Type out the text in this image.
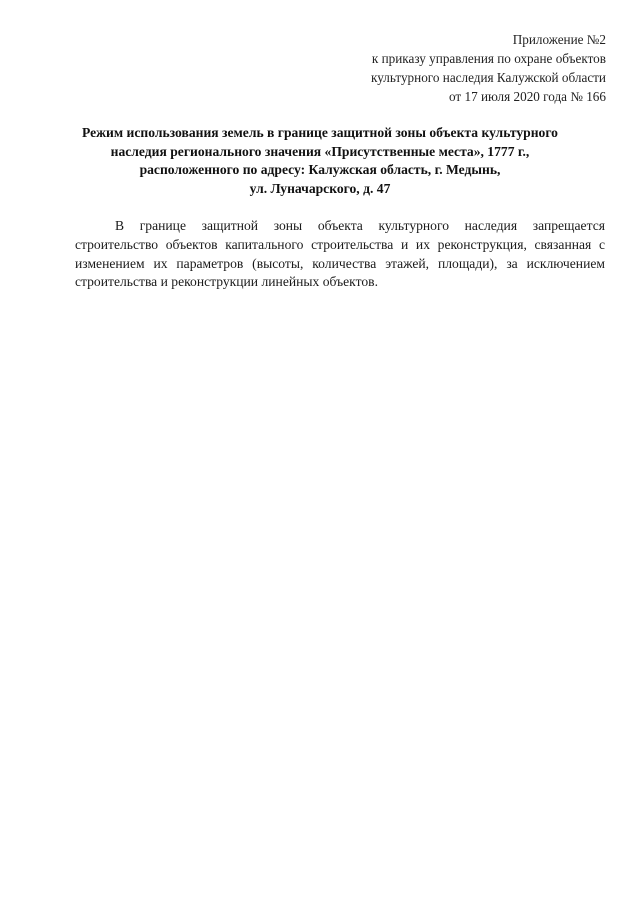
Приложение №2
к приказу управления по охране объектов
культурного наследия Калужской области
от 17 июля 2020 года № 166
Режим использования земель в границе защитной зоны объекта культурного
наследия регионального значения «Присутственные места», 1777 г.,
расположенного по адресу: Калужская область, г. Медынь,
ул. Луначарского, д. 47
В границе защитной зоны объекта культурного наследия запрещается
строительство объектов капитального строительства и их реконструкция, связанная с
изменением их параметров (высоты, количества этажей, площади), за исключением
строительства и реконструкции линейных объектов.
